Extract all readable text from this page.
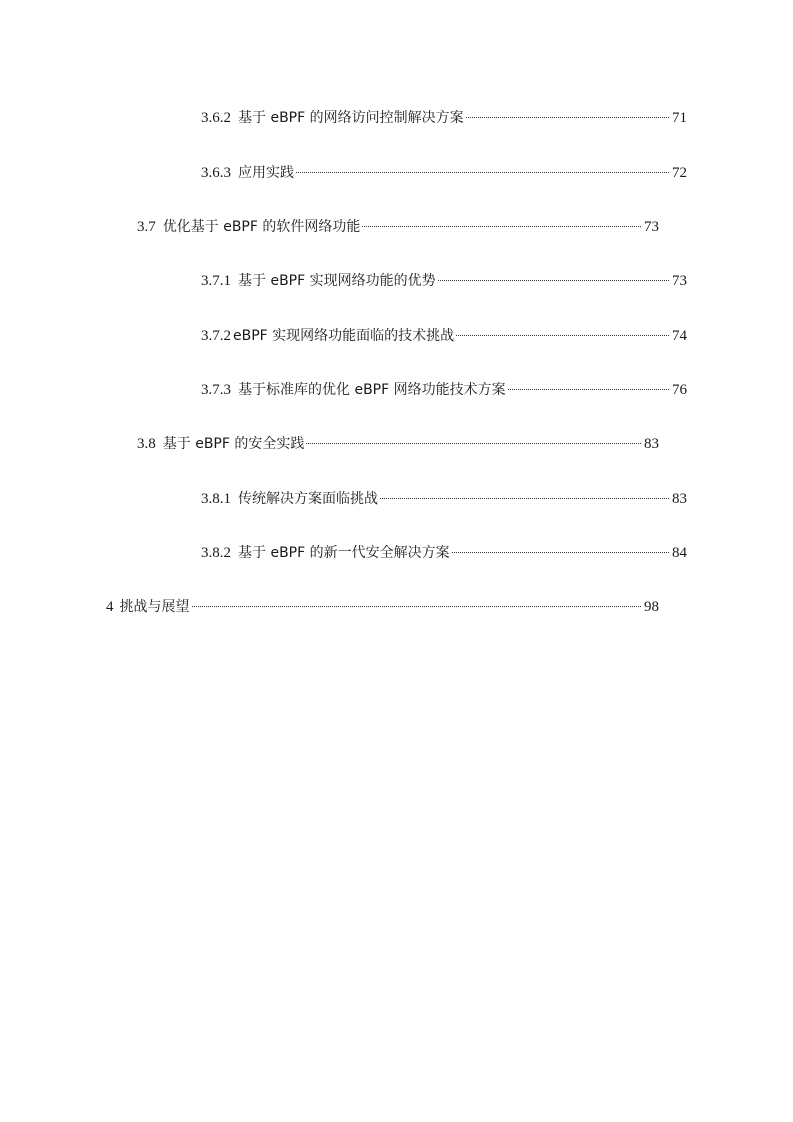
3.6.2 基于 eBPF 的网络访问控制解决方案	71
3.6.3 应用实践	72
3.7 优化基于 eBPF 的软件网络功能	73
3.7.1 基于 eBPF 实现网络功能的优势	73
3.7.2 eBPF 实现网络功能面临的技术挑战	74
3.7.3 基于标准库的优化 eBPF 网络功能技术方案	76
3.8 基于 eBPF 的安全实践	83
3.8.1 传统解决方案面临挑战	83
3.8.2 基于 eBPF 的新一代安全解决方案	84
4 挑战与展望	98
